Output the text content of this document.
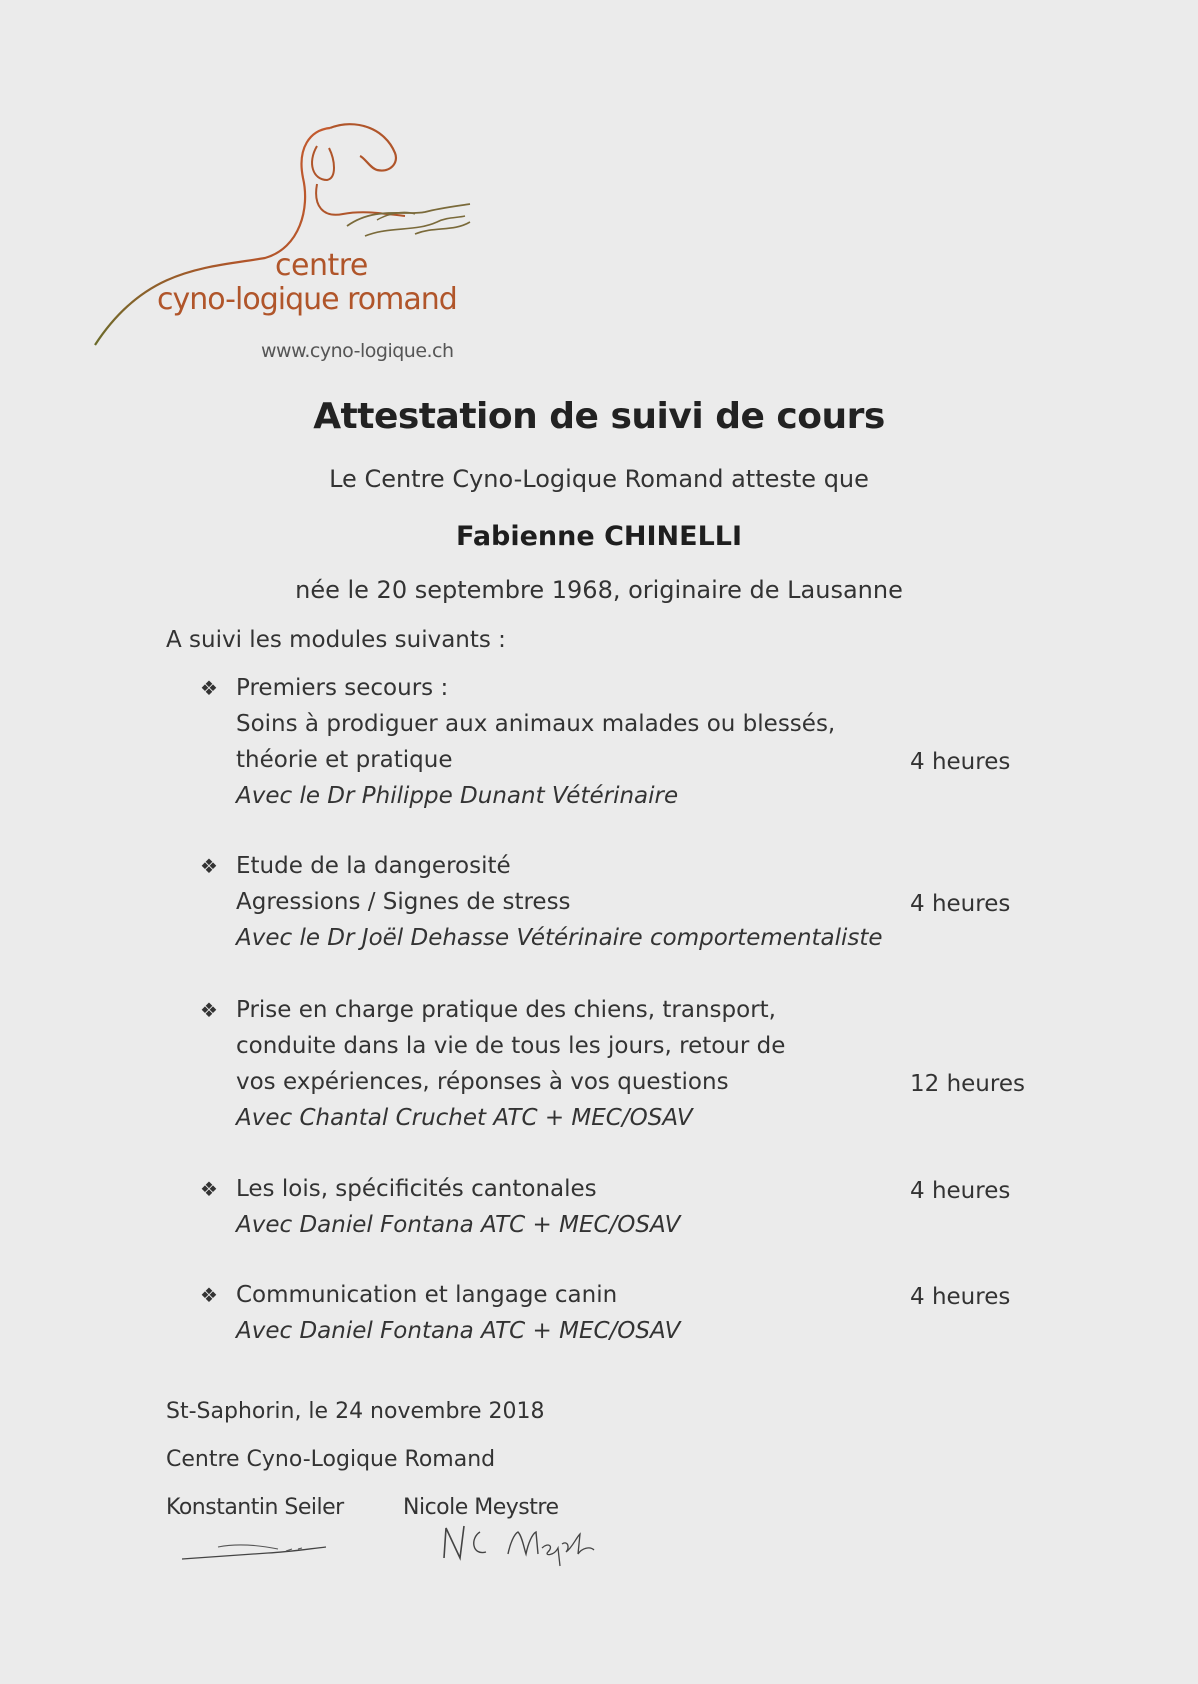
centre
cyno-logique romand
www.cyno-logique.ch
Attestation de suivi de cours
Le Centre Cyno-Logique Romand atteste que
Fabienne CHINELLI
née le 20 septembre 1968, originaire de Lausanne
A suivi les modules suivants :
❖ Premiers secours :
Soins à prodiguer aux animaux malades ou blessés,
théorie et pratique
Avec le Dr Philippe Dunant Vétérinaire
4 heures
❖ Etude de la dangerosité
Agressions / Signes de stress
Avec le Dr Joël Dehasse Vétérinaire comportementaliste
4 heures
❖ Prise en charge pratique des chiens, transport,
conduite dans la vie de tous les jours, retour de
vos expériences, réponses à vos questions
Avec Chantal Cruchet ATC + MEC/OSAV
12 heures
❖ Les lois, spécificités cantonales
Avec Daniel Fontana ATC + MEC/OSAV
4 heures
❖ Communication et langage canin
Avec Daniel Fontana ATC + MEC/OSAV
4 heures
St-Saphorin, le 24 novembre 2018
Centre Cyno-Logique Romand
Konstantin Seiler	Nicole Meystre
